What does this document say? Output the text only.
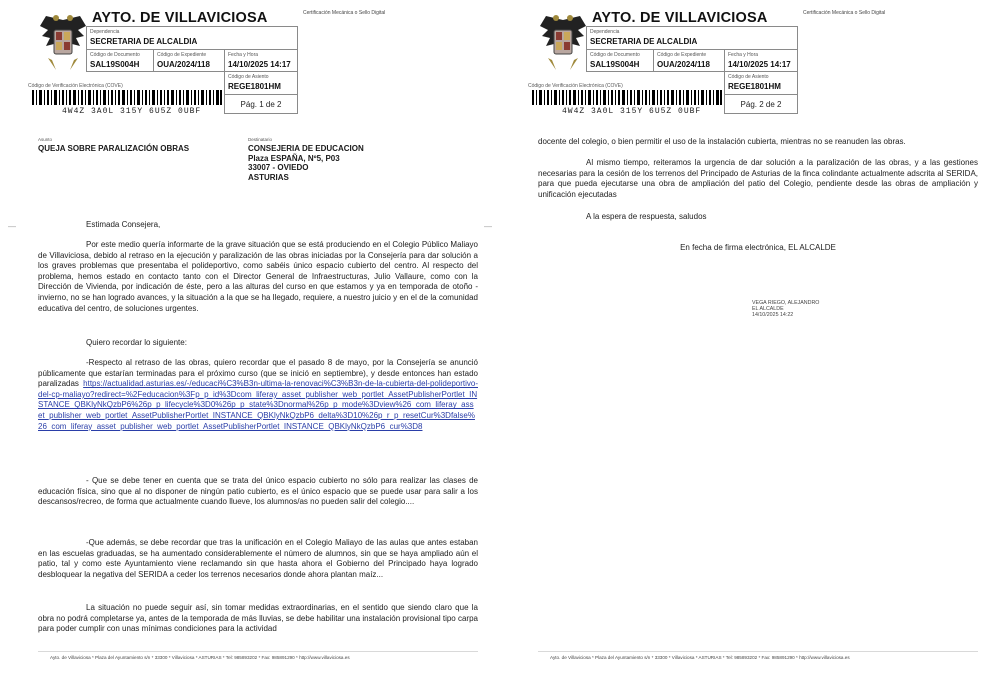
AYTO. DE VILLAVICIOSA	Certificación Mecánica o Sello Digital
Dependencia
SECRETARIA DE ALCALDIA
Código de Documento
SAL19S004H
Código de Expediente
OUA/2024/118
Fecha y Hora
14/10/2025 14:17
Código de Asiento
REGE1801HM
Pág. 1 de 2
Código de Verificación Electrónica (COVE)
4W4Z 3A0L 315Y 6U5Z 0UBF
Asunto
QUEJA SOBRE PARALIZACIÓN OBRAS
Destinatario
CONSEJERIA DE EDUCACION
Plaza ESPAÑA, Nº5, P03
33007 - OVIEDO
ASTURIAS
—	—
Estimada Consejera,
Por este medio quería informarte de la grave situación que se está produciendo en el Colegio Público Maliayo de Villaviciosa, debido al retraso en la ejecución y paralización de las obras iniciadas por la Consejería para dar solución a los graves problemas que presentaba el polideportivo, como sabéis único espacio cubierto del centro. Al respecto del problema, hemos estado en contacto tanto con el Director General de Infraestructuras, Julio Vallaure, como con la Dirección de Vivienda, por indicación de éste, pero a las alturas del curso en que estamos y ya en temporada de otoño -invierno, no se han logrado avances, y la situación a la que se ha llegado, requiere, a nuestro juicio y en el de la comunidad educativa del centro, de soluciones urgentes.
Quiero recordar lo siguiente:
-Respecto al retraso de las obras, quiero recordar que el pasado 8 de mayo, por la Consejería se anunció públicamente que estarían terminadas para el próximo curso (que se inició en septiembre), y desde entonces han estado paralizadas https://actualidad.asturias.es/-/educaci%C3%B3n-ultima-la-renovaci%C3%B3n-de-la-cubierta-del-polideportivo-del-cp-maliayo?redirect=%2Feducacion%3Fp_p_id%3Dcom_liferay_asset_publisher_web_portlet_AssetPublisherPortlet_INSTANCE_QBKlyNkQzbP6%26p_p_lifecycle%3D0%26p_p_state%3Dnormal%26p_p_mode%3Dview%26_com_liferay_asset_publisher_web_portlet_AssetPublisherPortlet_INSTANCE_QBKlyNkQzbP6_delta%3D10%26p_r_p_resetCur%3Dfalse%26_com_liferay_asset_publisher_web_portlet_AssetPublisherPortlet_INSTANCE_QBKlyNkQzbP6_cur%3D8
- Que se debe tener en cuenta que se trata del único espacio cubierto no sólo para realizar las clases de educación física, sino que al no disponer de ningún patio cubierto, es el único espacio que se puede usar para salir a los descansos/recreo, de forma que actualmente cuando llueve, los alumnos/as no pueden salir del colegio....
-Que además, se debe recordar que tras la unificación en el Colegio Maliayo de las aulas que antes estaban en las escuelas graduadas, se ha aumentado considerablemente el número de alumnos, sin que se haya ampliado aún el patio, tal y como este Ayuntamiento viene reclamando sin que hasta ahora el Gobierno del Principado haya logrado desbloquear la negativa del SERIDA a ceder los terrenos necesarios donde ahora plantan maíz...
La situación no puede seguir así, sin tomar medidas extraordinarias, en el sentido que siendo claro que la obra no podrá completarse ya, antes de la temporada de más lluvias, se debe habilitar una instalación provisional tipo carpa para poder cumplir con unas mínimas condiciones para la actividad
Ayto. de Villaviciosa * Plaza del Ayuntamiento s/n * 33300 * Villaviciosa * ASTURIAS * Tel: 985893202 * Fax: 985891290 * http://www.villaviciosa.es
AYTO. DE VILLAVICIOSA	Certificación Mecánica o Sello Digital
Dependencia
SECRETARIA DE ALCALDIA
Código de Documento
SAL19S004H
Código de Expediente
OUA/2024/118
Fecha y Hora
14/10/2025 14:17
Código de Asiento
REGE1801HM
Pág. 2 de 2
Código de Verificación Electrónica (COVE)
4W4Z 3A0L 315Y 6U5Z 0UBF
docente del colegio, o bien permitir el uso de la instalación cubierta, mientras no se reanuden las obras.
Al mismo tiempo, reiteramos la urgencia de dar solución a la paralización de las obras, y a las gestiones necesarias para la cesión de los terrenos del Principado de Asturias de la finca colindante actualmente adscrita al SERIDA, para que pueda ejecutarse una obra de ampliación del patio del Colegio, pendiente desde las obras de ampliación y unificación ejecutadas
A la espera de respuesta, saludos
En fecha de firma electrónica, EL ALCALDE
VEGA RIEGO, ALEJANDRO
EL ALCALDE
14/10/2025 14:22
Ayto. de Villaviciosa * Plaza del Ayuntamiento s/n * 33300 * Villaviciosa * ASTURIAS * Tel: 985893202 * Fax: 985891290 * http://www.villaviciosa.es
